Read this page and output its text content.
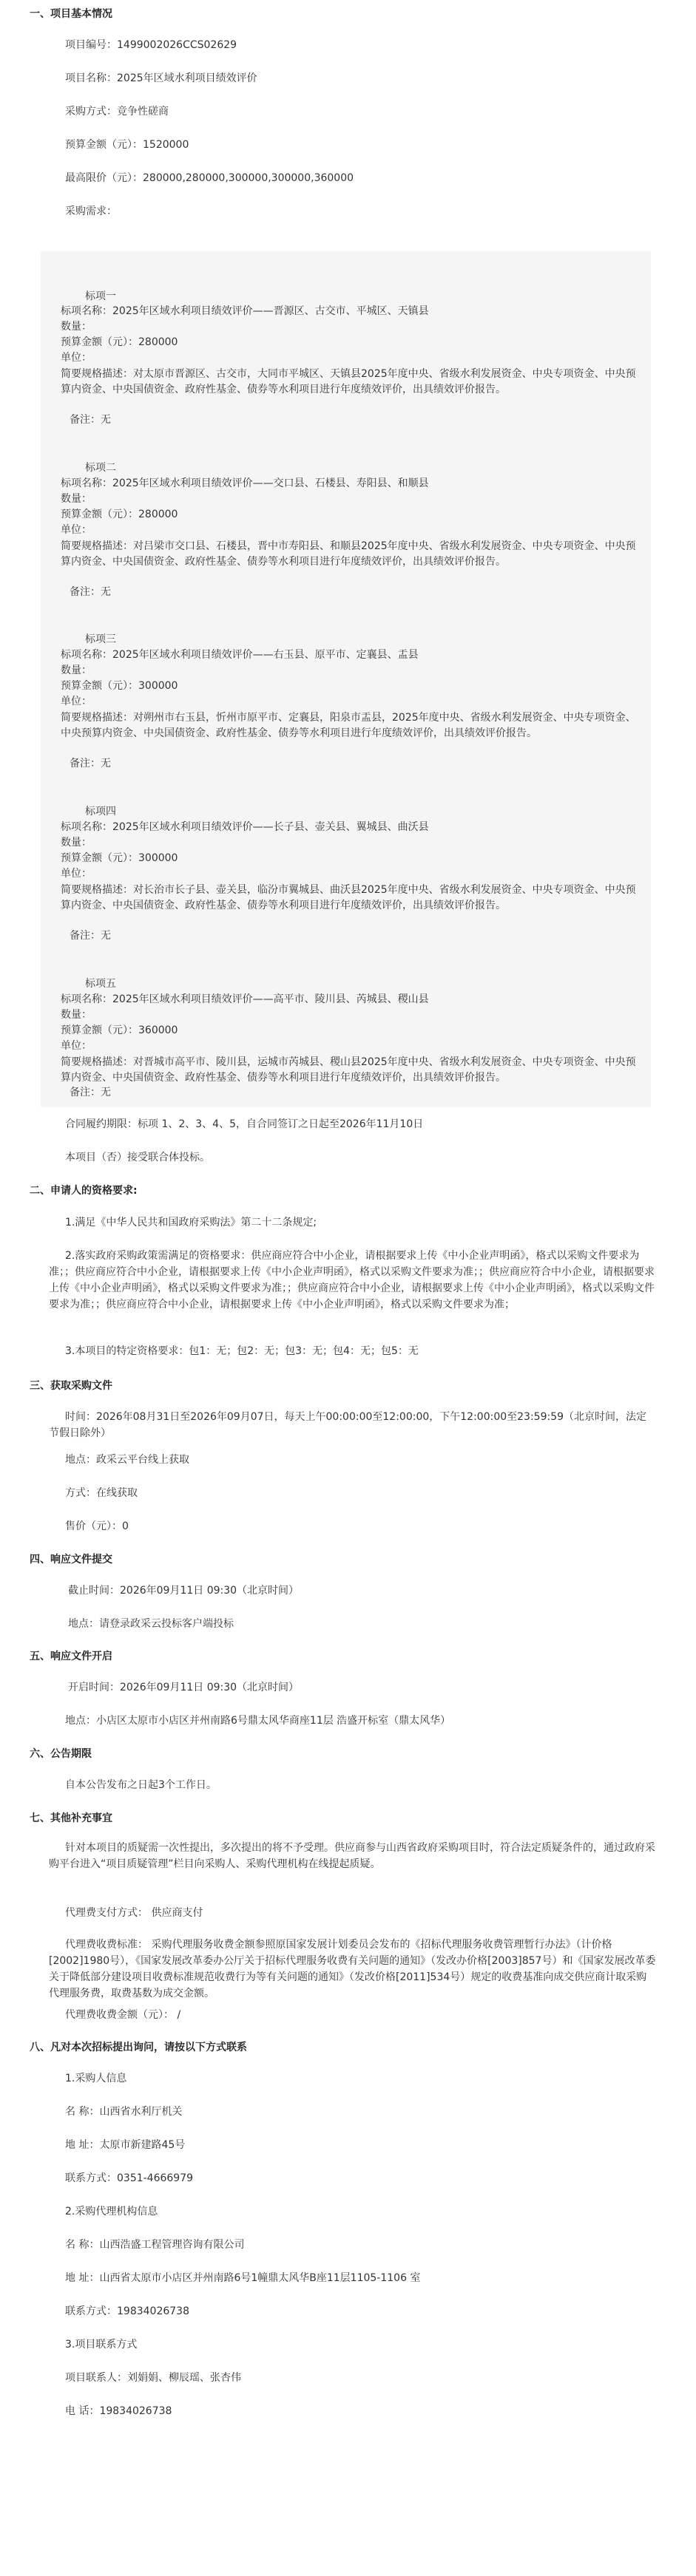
一、项目基本情况
项目编号：1499002026CCS02629
项目名称：2025年区域水利项目绩效评价
采购方式：竞争性磋商
预算金额（元）：1520000
最高限价（元）：280000,280000,300000,300000,360000
采购需求：
标项一
标项名称：2025年区域水利项目绩效评价——晋源区、古交市、平城区、天镇县
数量：
预算金额（元）：280000
单位：
简要规格描述：对太原市晋源区、古交市，大同市平城区、天镇县2025年度中央、省级水利发展资金、中央专项资金、中央预算内资金、中央国债资金、政府性基金、债券等水利项目进行年度绩效评价，出具绩效评价报告。
备注：无
标项二
标项名称：2025年区域水利项目绩效评价——交口县、石楼县、寿阳县、和顺县
数量：
预算金额（元）：280000
单位：
简要规格描述：对吕梁市交口县、石楼县，晋中市寿阳县、和顺县2025年度中央、省级水利发展资金、中央专项资金、中央预算内资金、中央国债资金、政府性基金、债券等水利项目进行年度绩效评价，出具绩效评价报告。
备注：无
标项三
标项名称：2025年区域水利项目绩效评价——右玉县、原平市、定襄县、盂县
数量：
预算金额（元）：300000
单位：
简要规格描述：对朔州市右玉县，忻州市原平市、定襄县，阳泉市盂县，2025年度中央、省级水利发展资金、中央专项资金、中央预算内资金、中央国债资金、政府性基金、债券等水利项目进行年度绩效评价，出具绩效评价报告。
备注：无
标项四
标项名称：2025年区域水利项目绩效评价——长子县、壶关县、翼城县、曲沃县
数量：
预算金额（元）：300000
单位：
简要规格描述：对长治市长子县、壶关县，临汾市翼城县、曲沃县2025年度中央、省级水利发展资金、中央专项资金、中央预算内资金、中央国债资金、政府性基金、债券等水利项目进行年度绩效评价，出具绩效评价报告。
备注：无
标项五
标项名称：2025年区域水利项目绩效评价——高平市、陵川县、芮城县、稷山县
数量：
预算金额（元）：360000
单位：
简要规格描述：对晋城市高平市、陵川县，运城市芮城县、稷山县2025年度中央、省级水利发展资金、中央专项资金、中央预算内资金、中央国债资金、政府性基金、债券等水利项目进行年度绩效评价，出具绩效评价报告。
备注：无
合同履约期限：标项 1、2、3、4、5，自合同签订之日起至2026年11月10日
本项目（否）接受联合体投标。
二、申请人的资格要求:
1.满足《中华人民共和国政府采购法》第二十二条规定;
2.落实政府采购政策需满足的资格要求：供应商应符合中小企业，请根据要求上传《中小企业声明函》，格式以采购文件要求为准；；供应商应符合中小企业，请根据要求上传《中小企业声明函》，格式以采购文件要求为准；；供应商应符合中小企业，请根据要求上传《中小企业声明函》，格式以采购文件要求为准；；供应商应符合中小企业，请根据要求上传《中小企业声明函》，格式以采购文件要求为准；；供应商应符合中小企业，请根据要求上传《中小企业声明函》，格式以采购文件要求为准；
3.本项目的特定资格要求：包1：无；包2：无；包3：无；包4：无；包5：无
三、获取采购文件
时间：2026年08月31日至2026年09月07日，每天上午00:00:00至12:00:00，下午12:00:00至23:59:59（北京时间，法定节假日除外）
地点：政采云平台线上获取
方式：在线获取
售价（元）：0
四、响应文件提交
截止时间：2026年09月11日 09:30（北京时间）
地点：请登录政采云投标客户端投标
五、响应文件开启
开启时间：2026年09月11日 09:30（北京时间）
地点：小店区太原市小店区并州南路6号鼎太风华商座11层 浩盛开标室（鼎太风华）
六、公告期限
自本公告发布之日起3个工作日。
七、其他补充事宜
针对本项目的质疑需一次性提出，多次提出的将不予受理。供应商参与山西省政府采购项目时，符合法定质疑条件的，通过政府采购平台进入“项目质疑管理”栏目向采购人、采购代理机构在线提起质疑。
代理费支付方式： 供应商支付
代理费收费标准： 采购代理服务收费金额参照原国家发展计划委员会发布的《招标代理服务收费管理暂行办法》（计价格[2002]1980号），《国家发展改革委办公厅关于招标代理服务收费有关问题的通知》（发改办价格[2003]857号）和《国家发展改革委关于降低部分建设项目收费标准规范收费行为等有关问题的通知》（发改价格[2011]534号）规定的收费基准向成交供应商计取采购代理服务费，取费基数为成交金额。
代理费收费金额（元）： /
八、凡对本次招标提出询问，请按以下方式联系
1.采购人信息
名 称：山西省水利厅机关
地 址：太原市新建路45号
联系方式：0351-4666979
2.采购代理机构信息
名 称：山西浩盛工程管理咨询有限公司
地 址：山西省太原市小店区并州南路6号1幢鼎太风华B座11层1105-1106 室
联系方式：19834026738
3.项目联系方式
项目联系人：刘娟娟、柳辰瑶、张杏伟
电 话：19834026738
